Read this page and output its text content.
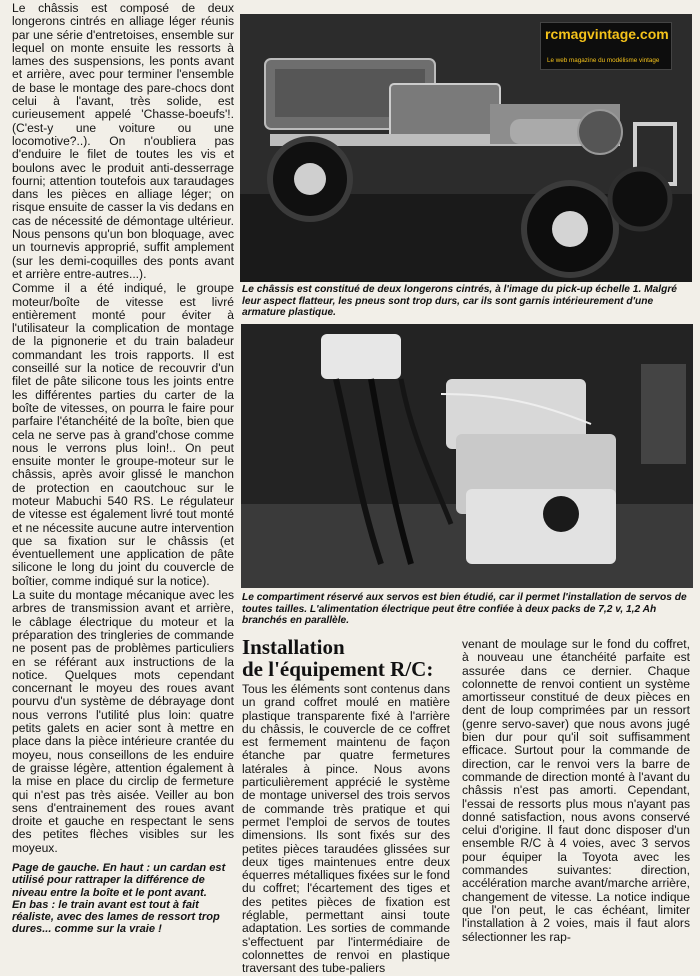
Le châssis est composé de deux longerons cintrés en alliage léger réunis par une série d'entretoises, ensemble sur lequel on monte ensuite les ressorts à lames des suspensions, les ponts avant et arrière, avec pour terminer l'ensemble de base le montage des pare-chocs dont celui à l'avant, très solide, est curieusement appelé 'Chasse-boeufs'!. (C'est-y une voiture ou une locomotive?..). On n'oubliera pas d'enduire le filet de toutes les vis et boulons avec le produit anti-desserrage fourni; attention toutefois aux taraudages dans les pièces en alliage léger; on risque ensuite de casser la vis dedans en cas de nécessité de démontage ultérieur. Nous pensons qu'un bon bloquage, avec un tournevis approprié, suffit amplement (sur les demi-coquilles des ponts avant et arrière entre-autres...).

Comme il a été indiqué, le groupe moteur/boîte de vitesse est livré entièrement monté pour éviter à l'utilisateur la complication de montage de la pignonerie et du train baladeur commandant les trois rapports. Il est conseillé sur la notice de recouvrir d'un filet de pâte silicone tous les joints entre les différentes parties du carter de la boîte de vitesses, on pourra le faire pour parfaire l'étanchéité de la boîte, bien que cela ne serve pas à grand'chose comme nous le verrons plus loin!.. On peut ensuite monter le groupe-moteur sur le châssis, après avoir glissé le manchon de protection en caoutchouc sur le moteur Mabuchi 540 RS. Le régulateur de vitesse est également livré tout monté et ne nécessite aucune autre intervention que sa fixation sur le châssis (et éventuellement une application de pâte silicone le long du joint du couvercle de boîtier, comme indiqué sur la notice).

La suite du montage mécanique avec les arbres de transmission avant et arrière, le câblage électrique du moteur et la préparation des tringleries de commande ne posent pas de problèmes particuliers en se référant aux instructions de la notice. Quelques mots cependant concernant le moyeu des roues avant pourvu d'un système de débrayage dont nous verrons l'utilité plus loin: quatre petits galets en acier sont à mettre en place dans la pièce intérieure crantée du moyeu, nous conseillons de les enduire de graisse légère, attention également à la mise en place du circlip de fermeture qui n'est pas très aisée. Veiller au bon sens d'entrainement des roues avant droite et gauche en respectant le sens des petites flèches visibles sur les moyeux.

Page de gauche. En haut : un cardan est utilisé pour rattraper la différence de niveau entre la boîte et le pont avant.
En bas : le train avant est tout à fait réaliste, avec des lames de ressort trop dures... comme sur la vraie !
rcmagvintage.com
Le web magazine du modélisme vintage
Le châssis est constitué de deux longerons cintrés, à l'image du pick-up échelle 1. Malgré leur aspect flatteur, les pneus sont trop durs, car ils sont garnis intérieurement d'une armature plastique.
Le compartiment réservé aux servos est bien étudié, car il permet l'installation de servos de toutes tailles. L'alimentation électrique peut être confiée à deux packs de 7,2 v, 1,2 Ah branchés en parallèle.
Installation
de l'équipement R/C:

Tous les éléments sont contenus dans un grand coffret moulé en matière plastique transparente fixé à l'arrière du châssis, le couvercle de ce coffret est fermement maintenu de façon étanche par quatre fermetures latérales à pince. Nous avons particulièrement apprécié le système de montage universel des trois servos de commande très pratique et qui permet l'emploi de servos de toutes dimensions. Ils sont fixés sur des petites pièces taraudées glissées sur deux tiges maintenues entre deux équerres métalliques fixées sur le fond du coffret; l'écartement des tiges et des petites pièces de fixation est réglable, permettant ainsi toute adaptation. Les sorties de commande s'effectuent par l'intermédiaire de colonnettes de renvoi en plastique traversant des tube-paliers

venant de moulage sur le fond du coffret, à nouveau une étanchéité parfaite est assurée dans ce dernier. Chaque colonnette de renvoi contient un système amortisseur constitué de deux pièces en dent de loup comprimées par un ressort (genre servo-saver) que nous avons jugé bien dur pour qu'il soit suffisamment efficace. Surtout pour la commande de direction, car le renvoi vers la barre de commande de direction monté à l'avant du châssis n'est pas amorti. Cependant, l'essai de ressorts plus mous n'ayant pas donné satisfaction, nous avons conservé celui d'origine. Il faut donc disposer d'un ensemble R/C à 4 voies, avec 3 servos pour équiper la Toyota avec les commandes suivantes: direction, accélération marche avant/marche arrière, changement de vitesse. La notice indique que l'on peut, le cas échéant, limiter l'installation à 2 voies, mais il faut alors sélectionner les rap-
